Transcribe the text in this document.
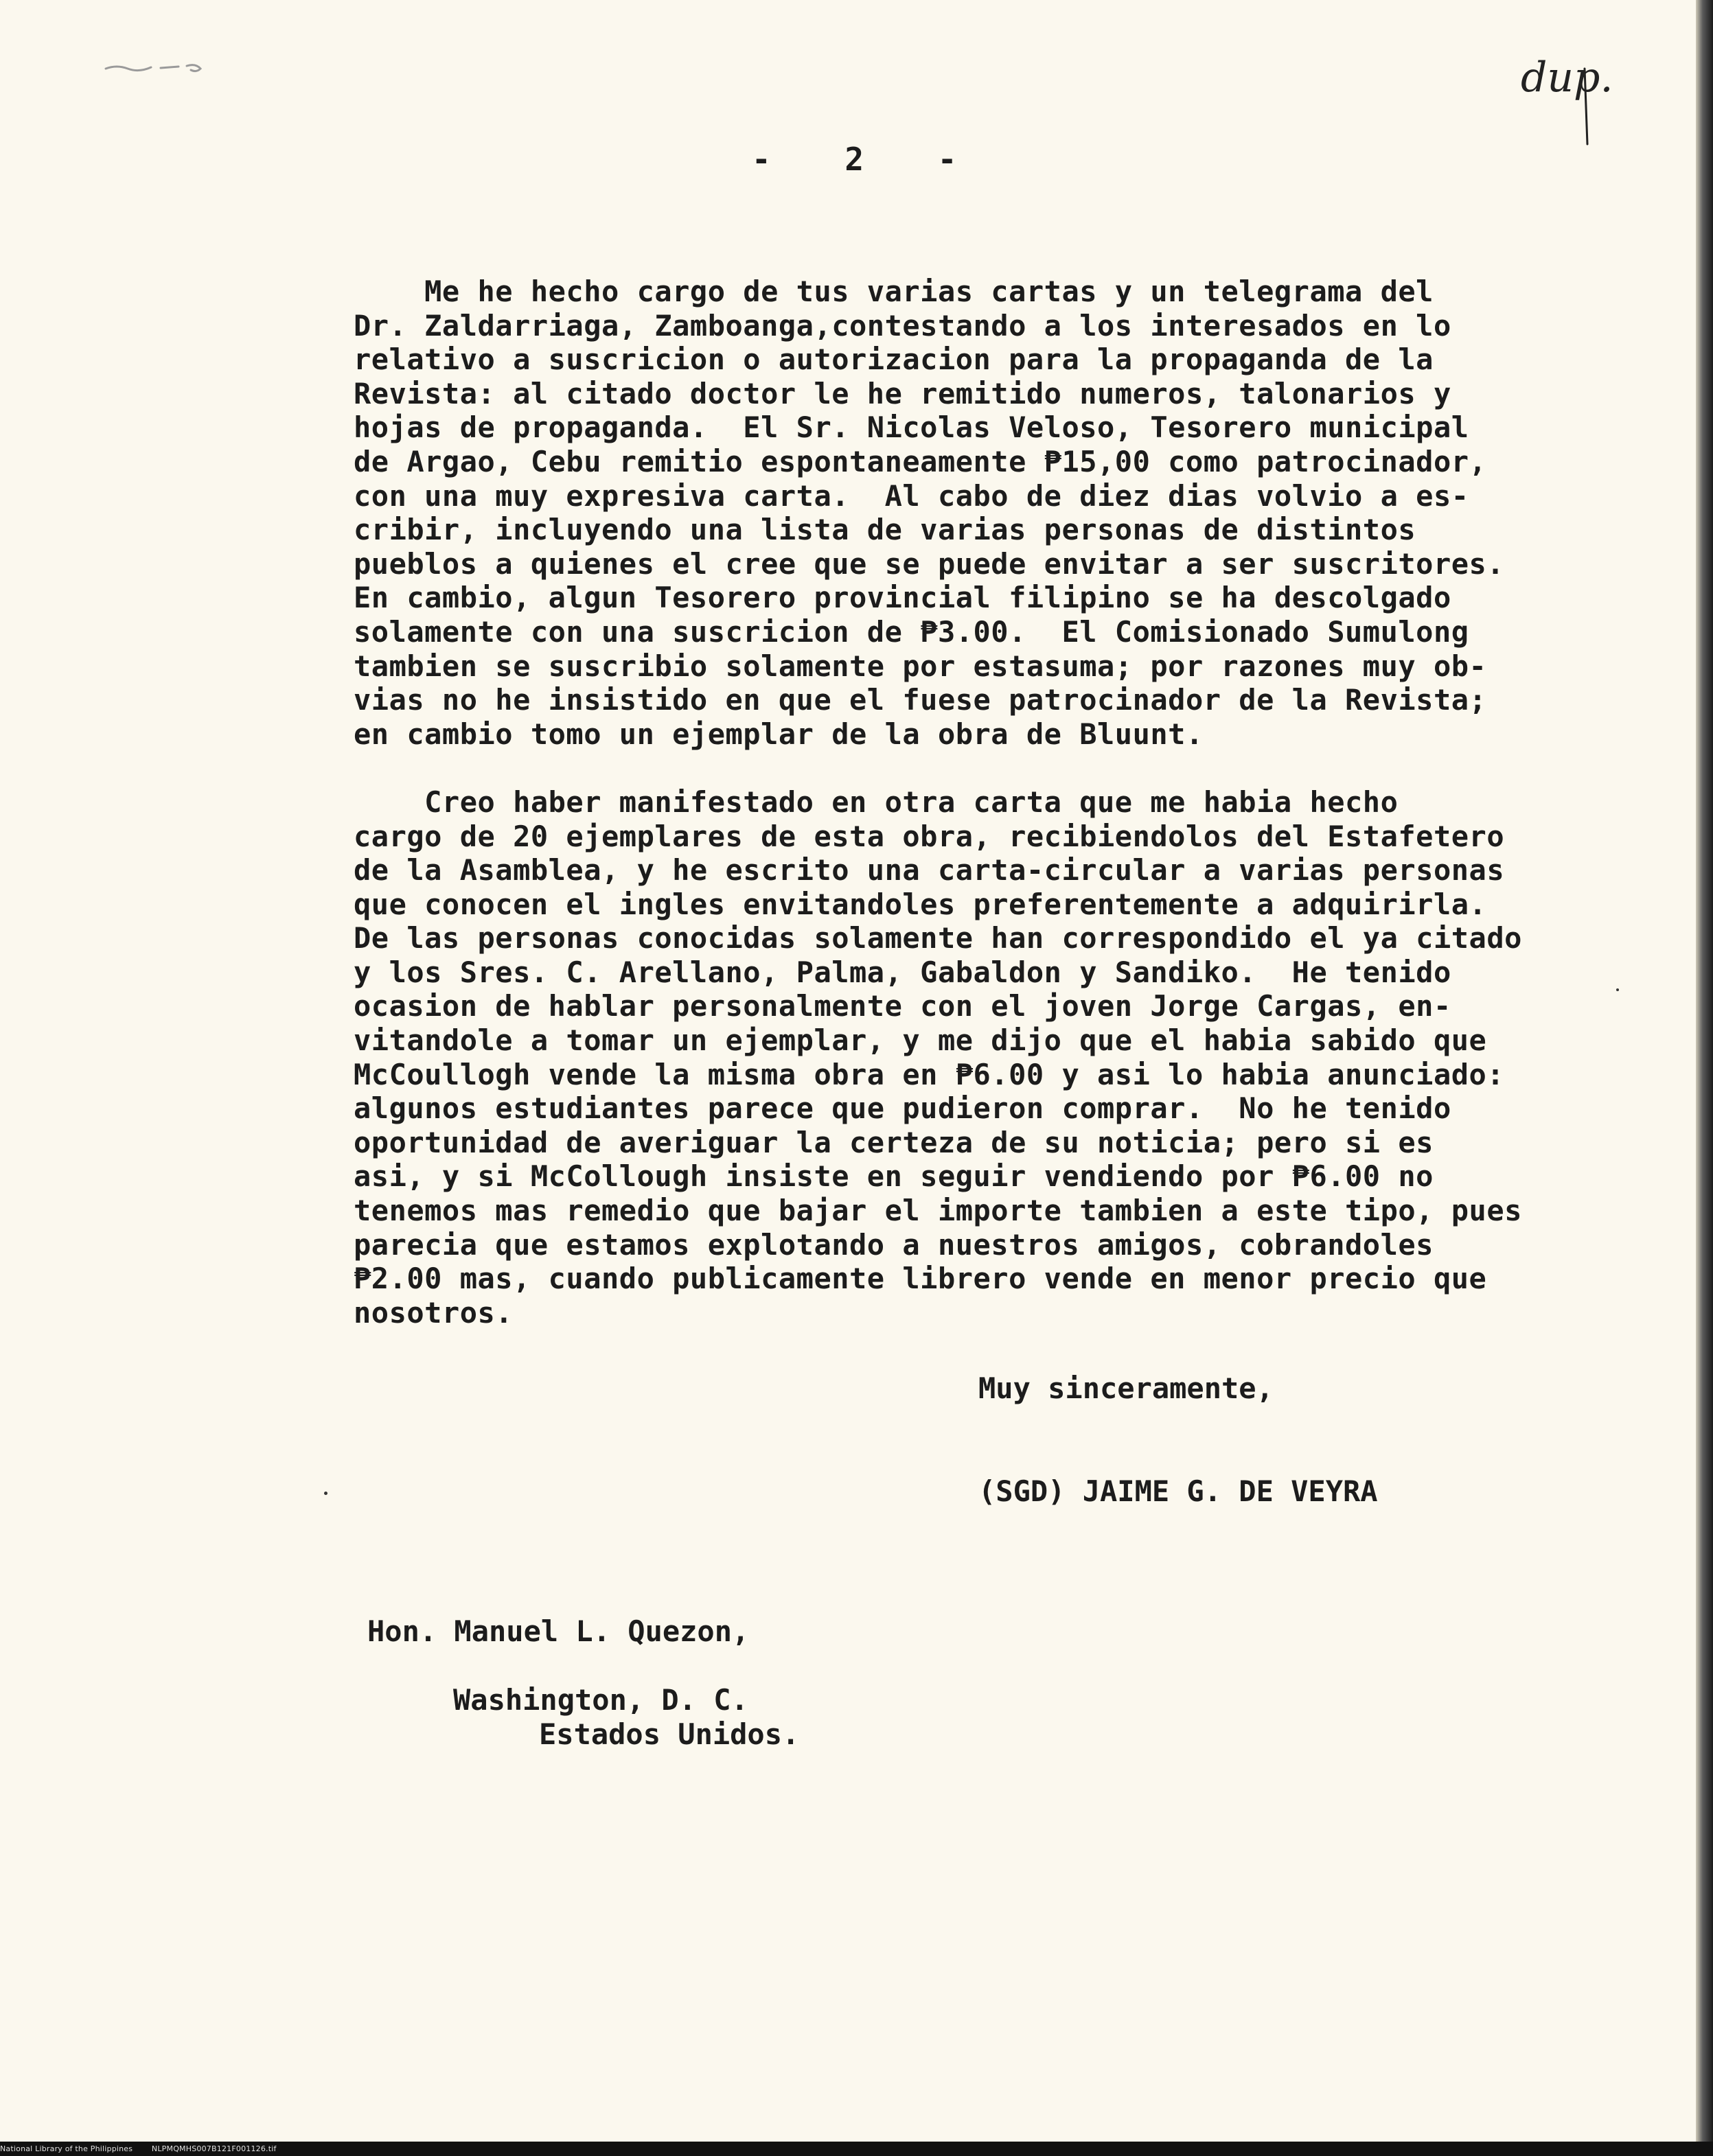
dup.
- 2 -
Me he hecho cargo de tus varias cartas y un telegrama del
Dr. Zaldarriaga, Zamboanga,contestando a los interesados en lo
relativo a suscricion o autorizacion para la propaganda de la
Revista: al citado doctor le he remitido numeros, talonarios y
hojas de propaganda.  El Sr. Nicolas Veloso, Tesorero municipal
de Argao, Cebu remitio espontaneamente ₱15,00 como patrocinador,
con una muy expresiva carta.  Al cabo de diez dias volvio a es-
cribir, incluyendo una lista de varias personas de distintos
pueblos a quienes el cree que se puede envitar a ser suscritores.
En cambio, algun Tesorero provincial filipino se ha descolgado
solamente con una suscricion de ₱3.00.  El Comisionado Sumulong
tambien se suscribio solamente por estasuma; por razones muy ob-
vias no he insistido en que el fuese patrocinador de la Revista;
en cambio tomo un ejemplar de la obra de Bluunt.
Creo haber manifestado en otra carta que me habia hecho
cargo de 20 ejemplares de esta obra, recibiendolos del Estafetero
de la Asamblea, y he escrito una carta-circular a varias personas
que conocen el ingles envitandoles preferentemente a adquirirla.
De las personas conocidas solamente han correspondido el ya citado
y los Sres. C. Arellano, Palma, Gabaldon y Sandiko.  He tenido
ocasion de hablar personalmente con el joven Jorge Cargas, en-
vitandole a tomar un ejemplar, y me dijo que el habia sabido que
McCoullogh vende la misma obra en ₱6.00 y asi lo habia anunciado:
algunos estudiantes parece que pudieron comprar.  No he tenido
oportunidad de averiguar la certeza de su noticia; pero si es
asi, y si McCollough insiste en seguir vendiendo por ₱6.00 no
tenemos mas remedio que bajar el importe tambien a este tipo, pues
parecia que estamos explotando a nuestros amigos, cobrandoles
₱2.00 mas, cuando publicamente librero vende en menor precio que
nosotros.
Muy sinceramente,
(SGD) JAIME G. DE VEYRA
Hon. Manuel L. Quezon,
Washington, D. C.
Estados Unidos.
National Library of the Philippines	NLPMQMHS007B121F001126.tif
